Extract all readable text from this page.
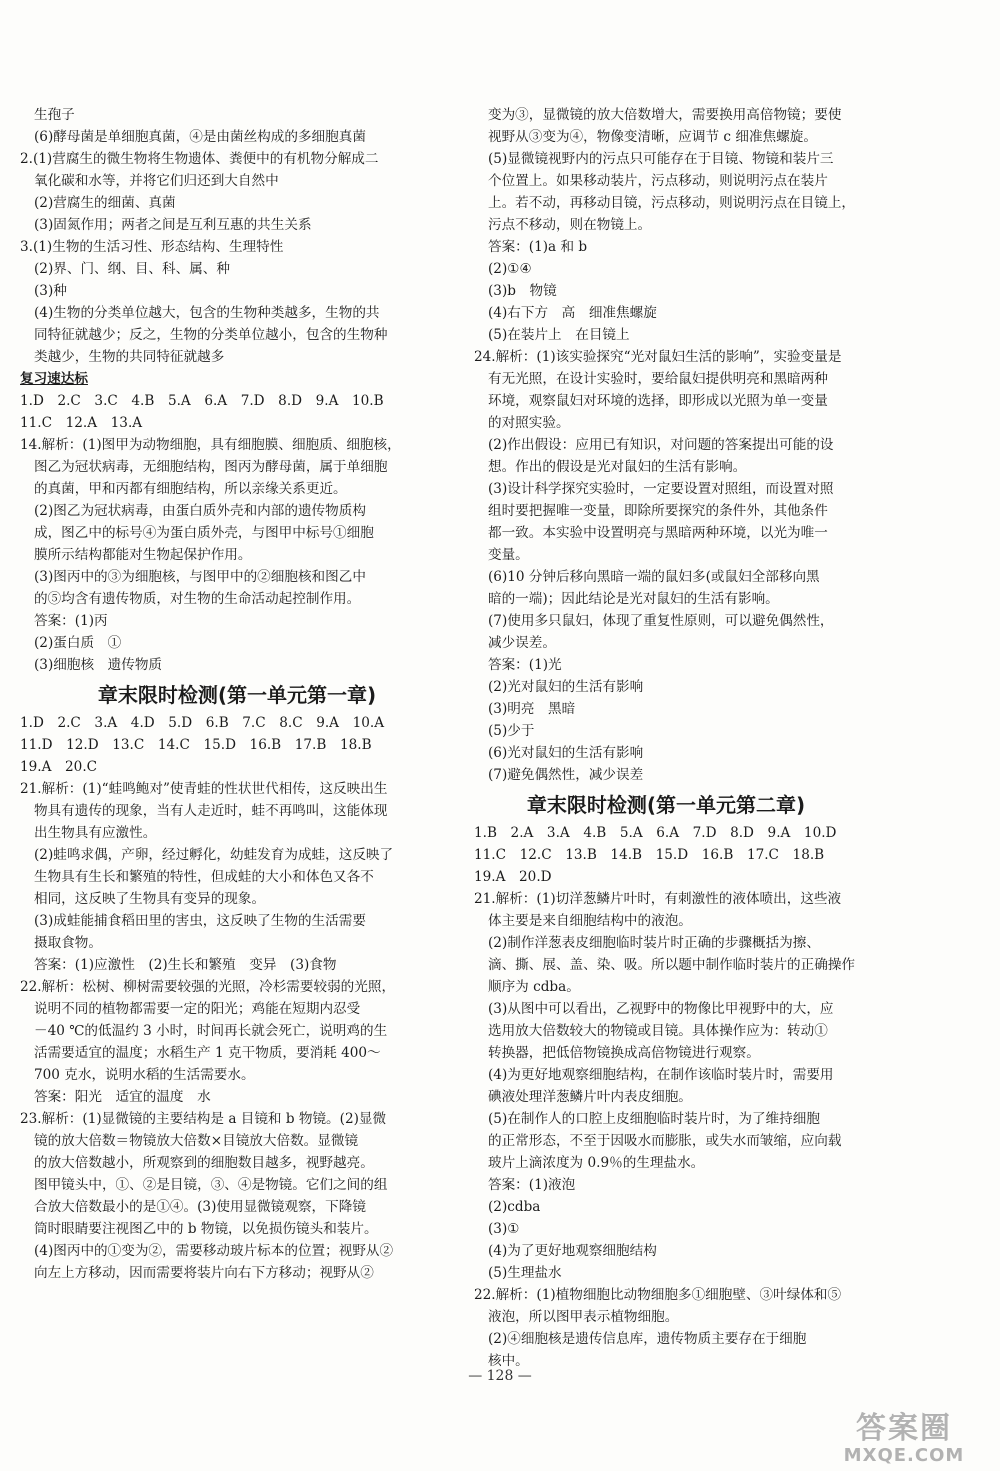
生孢子
(6)酵母菌是单细胞真菌，④是由菌丝构成的多细胞真菌
2.(1)营腐生的微生物将生物遗体、粪便中的有机物分解成二
氧化碳和水等，并将它们归还到大自然中
(2)营腐生的细菌、真菌
(3)固氮作用；两者之间是互利互惠的共生关系
3.(1)生物的生活习性、形态结构、生理特性
(2)界、门、纲、目、科、属、种
(3)种
(4)生物的分类单位越大，包含的生物种类越多，生物的共
同特征就越少；反之，生物的分类单位越小，包含的生物种
类越少，生物的共同特征就越多
复习速达标
1.D　2.C　3.C　4.B　5.A　6.A　7.D　8.D　9.A　10.B
11.C　12.A　13.A
14.解析：(1)图甲为动物细胞，具有细胞膜、细胞质、细胞核，
图乙为冠状病毒，无细胞结构，图丙为酵母菌，属于单细胞
的真菌，甲和丙都有细胞结构，所以亲缘关系更近。
(2)图乙为冠状病毒，由蛋白质外壳和内部的遗传物质构
成，图乙中的标号④为蛋白质外壳，与图甲中标号①细胞
膜所示结构都能对生物起保护作用。
(3)图丙中的③为细胞核，与图甲中的②细胞核和图乙中
的⑤均含有遗传物质，对生物的生命活动起控制作用。
答案：(1)丙
(2)蛋白质　①
(3)细胞核　遗传物质
章末限时检测(第一单元第一章)
1.D　2.C　3.A　4.D　5.D　6.B　7.C　8.C　9.A　10.A
11.D　12.D　13.C　14.C　15.D　16.B　17.B　18.B
19.A　20.C
21.解析：(1)“蛙鸣鲍对”使青蛙的性状世代相传，这反映出生
物具有遗传的现象，当有人走近时，蛙不再鸣叫，这能体现
出生物具有应激性。
(2)蛙鸣求偶，产卵，经过孵化，幼蛙发育为成蛙，这反映了
生物具有生长和繁殖的特性，但成蛙的大小和体色又各不
相同，这反映了生物具有变异的现象。
(3)成蛙能捕食稻田里的害虫，这反映了生物的生活需要
摄取食物。
答案：(1)应激性　(2)生长和繁殖　变异　(3)食物
22.解析：松树、柳树需要较强的光照，冷杉需要较弱的光照，
说明不同的植物都需要一定的阳光；鸡能在短期内忍受
－40 ℃的低温约 3 小时，时间再长就会死亡，说明鸡的生
活需要适宜的温度；水稻生产 1 克干物质，要消耗 400～
700 克水，说明水稻的生活需要水。
答案：阳光　适宜的温度　水
23.解析：(1)显微镜的主要结构是 a 目镜和 b 物镜。(2)显微
镜的放大倍数＝物镜放大倍数×目镜放大倍数。显微镜
的放大倍数越小，所观察到的细胞数目越多，视野越亮。
图甲镜头中，①、②是目镜，③、④是物镜。它们之间的组
合放大倍数最小的是①④。(3)使用显微镜观察，下降镜
筒时眼睛要注视图乙中的 b 物镜，以免损伤镜头和装片。
(4)图丙中的①变为②，需要移动玻片标本的位置；视野从②
向左上方移动，因而需要将装片向右下方移动；视野从②
变为③，显微镜的放大倍数增大，需要换用高倍物镜；要使
视野从③变为④，物像变清晰，应调节 c 细准焦螺旋。
(5)显微镜视野内的污点只可能存在于目镜、物镜和装片三
个位置上。如果移动装片，污点移动，则说明污点在装片
上。若不动，再移动目镜，污点移动，则说明污点在目镜上，
污点不移动，则在物镜上。
答案：(1)a 和 b
(2)①④
(3)b　物镜
(4)右下方　高　细准焦螺旋
(5)在装片上　在目镜上
24.解析：(1)该实验探究“光对鼠妇生活的影响”，实验变量是
有无光照，在设计实验时，要给鼠妇提供明亮和黑暗两种
环境，观察鼠妇对环境的选择，即形成以光照为单一变量
的对照实验。
(2)作出假设：应用已有知识，对问题的答案提出可能的设
想。作出的假设是光对鼠妇的生活有影响。
(3)设计科学探究实验时，一定要设置对照组，而设置对照
组时要把握唯一变量，即除所要探究的条件外，其他条件
都一致。本实验中设置明亮与黑暗两种环境，以光为唯一
变量。
(6)10 分钟后移向黑暗一端的鼠妇多(或鼠妇全部移向黑
暗的一端)；因此结论是光对鼠妇的生活有影响。
(7)使用多只鼠妇，体现了重复性原则，可以避免偶然性，
减少误差。
答案：(1)光
(2)光对鼠妇的生活有影响
(3)明亮　黑暗
(5)少于
(6)光对鼠妇的生活有影响
(7)避免偶然性，减少误差
章末限时检测(第一单元第二章)
1.B　2.A　3.A　4.B　5.A　6.A　7.D　8.D　9.A　10.D
11.C　12.C　13.B　14.B　15.D　16.B　17.C　18.B
19.A　20.D
21.解析：(1)切洋葱鳞片叶时，有刺激性的液体喷出，这些液
体主要是来自细胞结构中的液泡。
(2)制作洋葱表皮细胞临时装片时正确的步骤概括为擦、
滴、撕、展、盖、染、吸。所以题中制作临时装片的正确操作
顺序为 cdba。
(3)从图中可以看出，乙视野中的物像比甲视野中的大，应
选用放大倍数较大的物镜或目镜。具体操作应为：转动①
转换器，把低倍物镜换成高倍物镜进行观察。
(4)为更好地观察细胞结构，在制作该临时装片时，需要用
碘液处理洋葱鳞片叶内表皮细胞。
(5)在制作人的口腔上皮细胞临时装片时，为了维持细胞
的正常形态，不至于因吸水而膨胀，或失水而皱缩，应向载
玻片上滴浓度为 0.9％的生理盐水。
答案：(1)液泡
(2)cdba
(3)①
(4)为了更好地观察细胞结构
(5)生理盐水
22.解析：(1)植物细胞比动物细胞多①细胞壁、③叶绿体和⑤
液泡，所以图甲表示植物细胞。
(2)④细胞核是遗传信息库，遗传物质主要存在于细胞
核中。
— 128 —
答案圈
MXQE.COM
